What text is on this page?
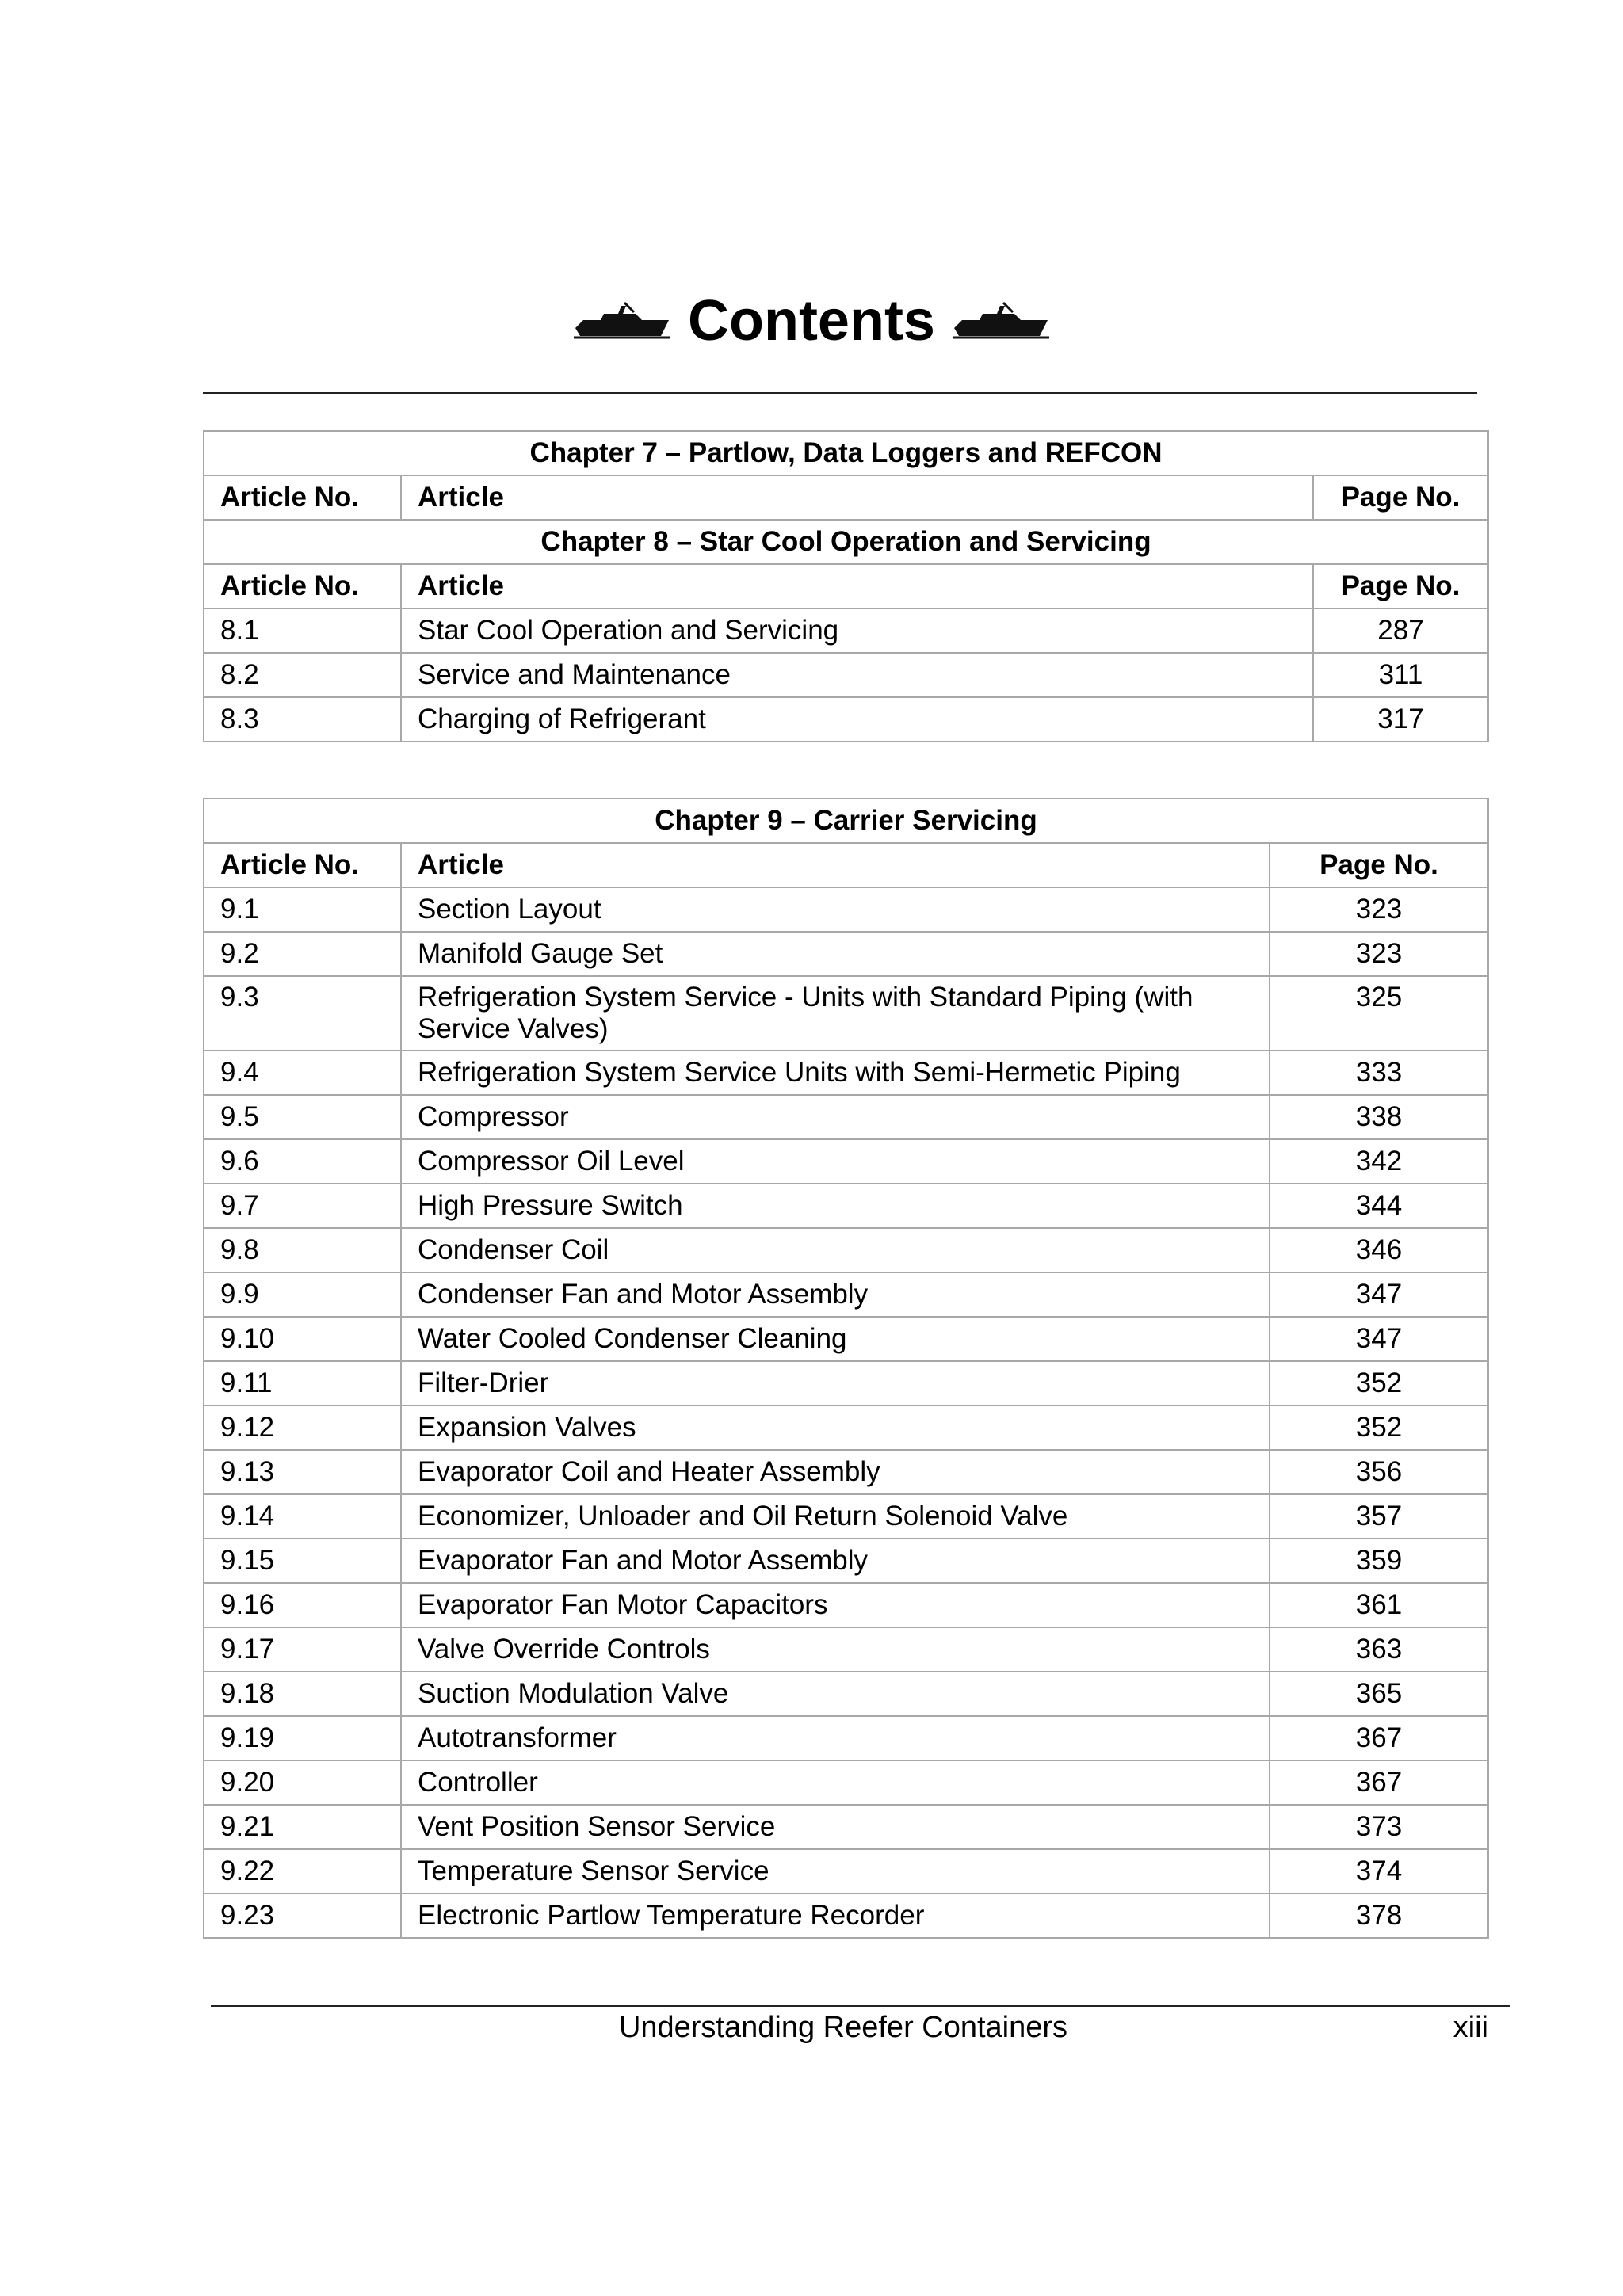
Contents
Chapter 7 – Partlow, Data Loggers and REFCON		
Article No.	Article	Page No.
Chapter 8 – Star Cool Operation and Servicing		
Article No.	Article	Page No.
8.1	Star Cool Operation and Servicing	287
8.2	Service and Maintenance	311
8.3	Charging of Refrigerant	317
Chapter 9 – Carrier Servicing		
Article No.	Article	Page No.
9.1	Section Layout	323
9.2	Manifold Gauge Set	323
9.3	Refrigeration System Service - Units with Standard Piping (with Service Valves)	325
9.4	Refrigeration System Service Units with Semi-Hermetic Piping	333
9.5	Compressor	338
9.6	Compressor Oil Level	342
9.7	High Pressure Switch	344
9.8	Condenser Coil	346
9.9	Condenser Fan and Motor Assembly	347
9.10	Water Cooled Condenser Cleaning	347
9.11	Filter-Drier	352
9.12	Expansion Valves	352
9.13	Evaporator Coil and Heater Assembly	356
9.14	Economizer, Unloader and Oil Return Solenoid Valve	357
9.15	Evaporator Fan and Motor Assembly	359
9.16	Evaporator Fan Motor Capacitors	361
9.17	Valve Override Controls	363
9.18	Suction Modulation Valve	365
9.19	Autotransformer	367
9.20	Controller	367
9.21	Vent Position Sensor Service	373
9.22	Temperature Sensor Service	374
9.23	Electronic Partlow Temperature Recorder	378
Understanding Reefer Containers	xiii
